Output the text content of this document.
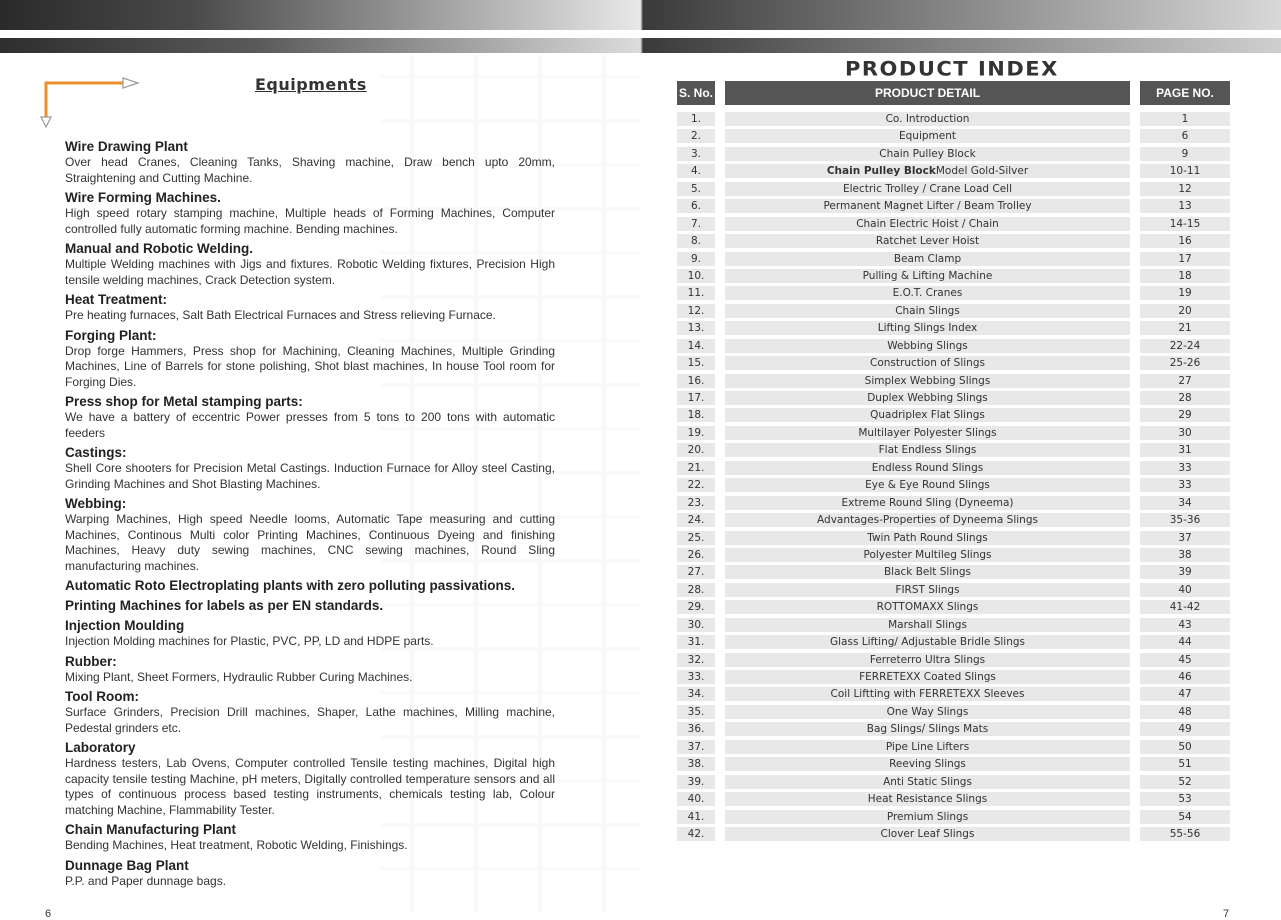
Equipments
Wire Drawing Plant
Over head Cranes, Cleaning Tanks, Shaving machine, Draw bench upto 20mm, Straightening and Cutting Machine.
Wire Forming Machines.
High speed rotary stamping machine, Multiple heads of Forming Machines, Computer controlled fully automatic forming machine. Bending machines.
Manual and Robotic Welding.
Multiple Welding machines with Jigs and fixtures. Robotic Welding fixtures, Precision High tensile welding machines, Crack Detection system.
Heat Treatment:
Pre heating furnaces, Salt Bath Electrical Furnaces and Stress relieving Furnace.
Forging Plant:
Drop forge Hammers, Press shop for Machining, Cleaning Machines, Multiple Grinding Machines, Line of Barrels for stone polishing, Shot blast machines, In house Tool room for Forging Dies.
Press shop for Metal stamping parts:
We have a battery of eccentric Power presses from 5 tons to 200 tons with automatic feeders
Castings:
Shell Core shooters for Precision Metal Castings. Induction Furnace for Alloy steel Casting, Grinding Machines and Shot Blasting Machines.
Webbing:
Warping Machines, High speed Needle looms, Automatic Tape measuring and cutting Machines, Continous Multi color Printing Machines, Continuous Dyeing and finishing Machines, Heavy duty sewing machines, CNC sewing machines, Round Sling manufacturing machines.
Automatic Roto Electroplating plants with zero polluting passivations.
Printing Machines for labels as per EN standards.
Injection Moulding
Injection Molding machines for Plastic, PVC, PP, LD and HDPE parts.
Rubber:
Mixing Plant, Sheet Formers, Hydraulic Rubber Curing Machines.
Tool Room:
Surface Grinders, Precision Drill machines, Shaper, Lathe machines, Milling machine, Pedestal grinders etc.
Laboratory
Hardness testers, Lab Ovens, Computer controlled Tensile testing machines, Digital high capacity tensile testing Machine, pH meters, Digitally controlled temperature sensors and all types of continuous process based testing instruments, chemicals testing lab, Colour matching Machine, Flammability Tester.
Chain Manufacturing Plant
Bending Machines, Heat treatment, Robotic Welding, Finishings.
Dunnage Bag Plant
P.P. and Paper dunnage bags.
6
PRODUCT INDEX
S. No.	PRODUCT DETAIL	PAGE NO.
1.	Co. Introduction	1
2.	Equipment	6
3.	Chain Pulley Block	9
4.	Chain Pulley Block Model Gold-Silver	10-11
5.	Electric Trolley / Crane Load Cell	12
6.	Permanent Magnet Lifter / Beam Trolley	13
7.	Chain Electric Hoist / Chain	14-15
8.	Ratchet Lever Hoist	16
9.	Beam Clamp	17
10.	Pulling & Lifting Machine	18
11.	E.O.T. Cranes	19
12.	Chain Slings	20
13.	Lifting Slings Index	21
14.	Webbing Slings	22-24
15.	Construction of Slings	25-26
16.	Simplex Webbing Slings	27
17.	Duplex Webbing Slings	28
18.	Quadriplex Flat Slings	29
19.	Multilayer Polyester Slings	30
20.	Flat Endless Slings	31
21.	Endless Round Slings	33
22.	Eye & Eye Round Slings	33
23.	Extreme Round Sling (Dyneema)	34
24.	Advantages-Properties of Dyneema Slings	35-36
25.	Twin Path Round Slings	37
26.	Polyester Multileg Slings	38
27.	Black Belt Slings	39
28.	FIRST Slings	40
29.	ROTTOMAXX Slings	41-42
30.	Marshall Slings	43
31.	Glass Lifting/ Adjustable Bridle Slings	44
32.	Ferreterro Ultra Slings	45
33.	FERRETEXX Coated Slings	46
34.	Coil Liftting with FERRETEXX Sleeves	47
35.	One Way Slings	48
36.	Bag Slings/ Slings Mats	49
37.	Pipe Line Lifters	50
38.	Reeving Slings	51
39.	Anti Static Slings	52
40.	Heat Resistance Slings	53
41.	Premium Slings	54
42.	Clover Leaf Slings	55-56
7
